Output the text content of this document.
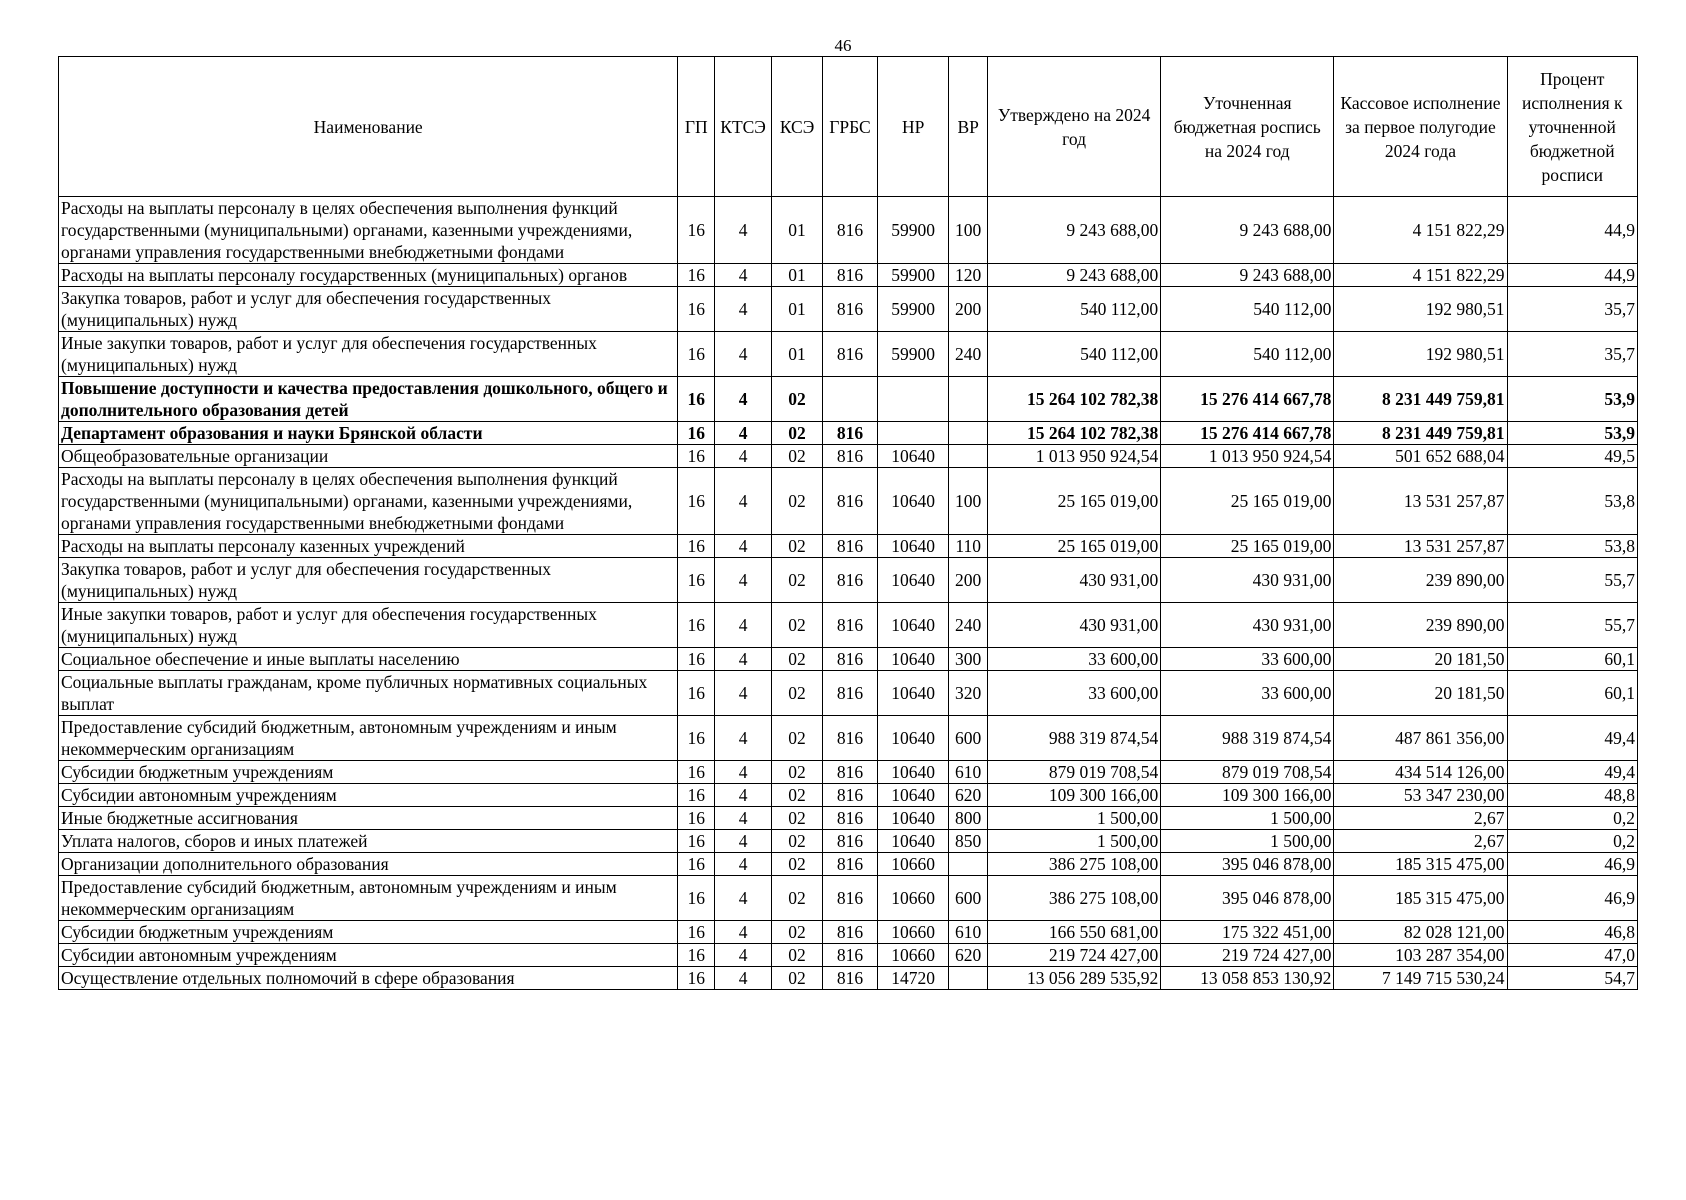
46
Наименование	ГП	КТСЭ	КСЭ	ГРБС	НР	ВР	Утверждено на 2024 год	Уточненная бюджетная роспись на 2024 год	Кассовое исполнение за первое полугодие 2024 года	Процент исполнения к уточненной бюджетной росписи
Расходы на выплаты персоналу в целях обеспечения выполнения функций государственными (муниципальными) органами, казенными учреждениями, органами управления государственными внебюджетными фондами	16	4	01	816	59900	100	9 243 688,00	9 243 688,00	4 151 822,29	44,9
Расходы на выплаты персоналу государственных (муниципальных) органов	16	4	01	816	59900	120	9 243 688,00	9 243 688,00	4 151 822,29	44,9
Закупка товаров, работ и услуг для обеспечения государственных (муниципальных) нужд	16	4	01	816	59900	200	540 112,00	540 112,00	192 980,51	35,7
Иные закупки товаров, работ и услуг для обеспечения государственных (муниципальных) нужд	16	4	01	816	59900	240	540 112,00	540 112,00	192 980,51	35,7
Повышение доступности и качества предоставления дошкольного, общего и дополнительного образования детей	16	4	02				15 264 102 782,38	15 276 414 667,78	8 231 449 759,81	53,9
Департамент образования и науки Брянской области	16	4	02	816			15 264 102 782,38	15 276 414 667,78	8 231 449 759,81	53,9
Общеобразовательные организации	16	4	02	816	10640		1 013 950 924,54	1 013 950 924,54	501 652 688,04	49,5
Расходы на выплаты персоналу в целях обеспечения выполнения функций государственными (муниципальными) органами, казенными учреждениями, органами управления государственными внебюджетными фондами	16	4	02	816	10640	100	25 165 019,00	25 165 019,00	13 531 257,87	53,8
Расходы на выплаты персоналу казенных учреждений	16	4	02	816	10640	110	25 165 019,00	25 165 019,00	13 531 257,87	53,8
Закупка товаров, работ и услуг для обеспечения государственных (муниципальных) нужд	16	4	02	816	10640	200	430 931,00	430 931,00	239 890,00	55,7
Иные закупки товаров, работ и услуг для обеспечения государственных (муниципальных) нужд	16	4	02	816	10640	240	430 931,00	430 931,00	239 890,00	55,7
Социальное обеспечение и иные выплаты населению	16	4	02	816	10640	300	33 600,00	33 600,00	20 181,50	60,1
Социальные выплаты гражданам, кроме публичных нормативных социальных выплат	16	4	02	816	10640	320	33 600,00	33 600,00	20 181,50	60,1
Предоставление субсидий бюджетным, автономным учреждениям и иным некоммерческим организациям	16	4	02	816	10640	600	988 319 874,54	988 319 874,54	487 861 356,00	49,4
Субсидии бюджетным учреждениям	16	4	02	816	10640	610	879 019 708,54	879 019 708,54	434 514 126,00	49,4
Субсидии автономным учреждениям	16	4	02	816	10640	620	109 300 166,00	109 300 166,00	53 347 230,00	48,8
Иные бюджетные ассигнования	16	4	02	816	10640	800	1 500,00	1 500,00	2,67	0,2
Уплата налогов, сборов и иных платежей	16	4	02	816	10640	850	1 500,00	1 500,00	2,67	0,2
Организации дополнительного образования	16	4	02	816	10660		386 275 108,00	395 046 878,00	185 315 475,00	46,9
Предоставление субсидий бюджетным, автономным учреждениям и иным некоммерческим организациям	16	4	02	816	10660	600	386 275 108,00	395 046 878,00	185 315 475,00	46,9
Субсидии бюджетным учреждениям	16	4	02	816	10660	610	166 550 681,00	175 322 451,00	82 028 121,00	46,8
Субсидии автономным учреждениям	16	4	02	816	10660	620	219 724 427,00	219 724 427,00	103 287 354,00	47,0
Осуществление отдельных полномочий в сфере образования	16	4	02	816	14720		13 056 289 535,92	13 058 853 130,92	7 149 715 530,24	54,7
